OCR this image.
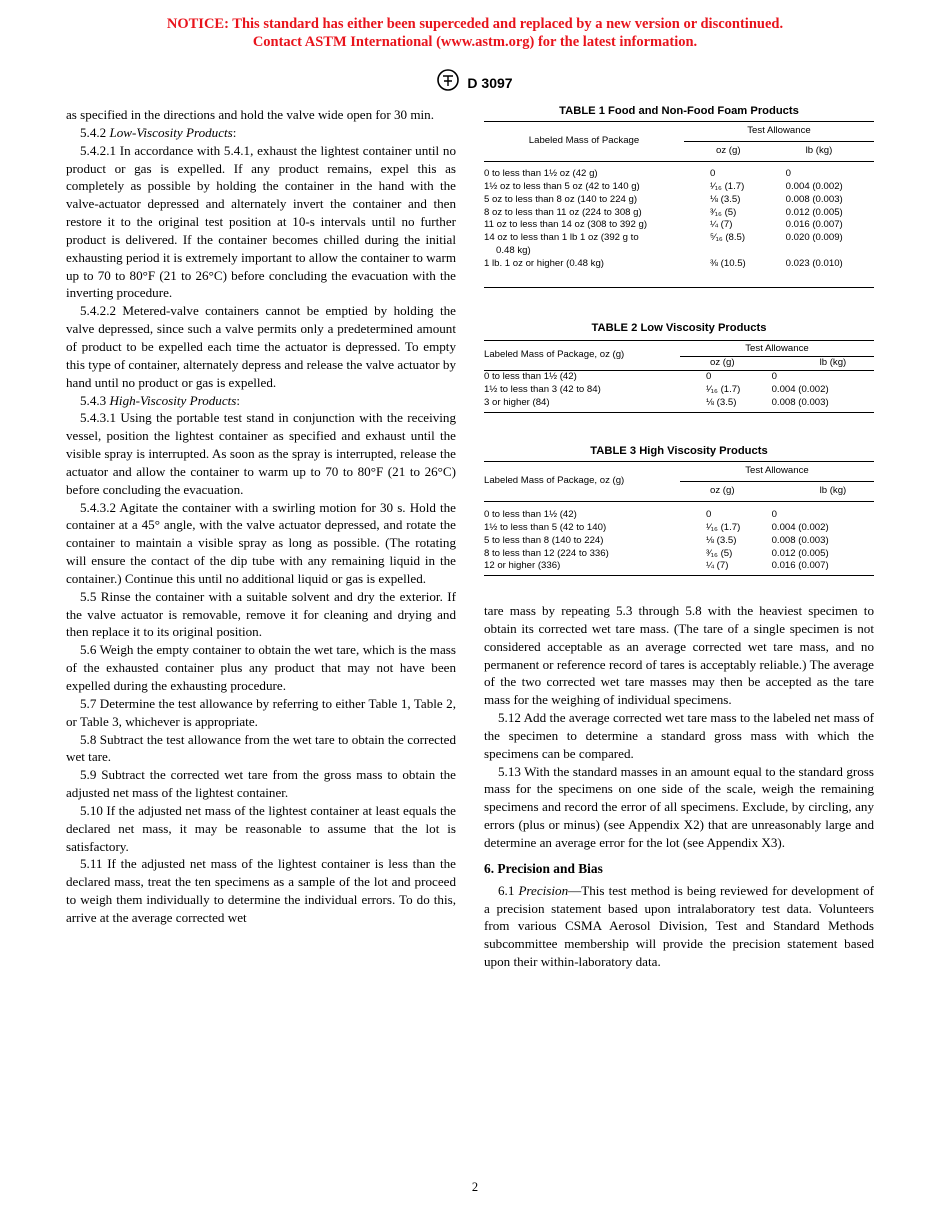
NOTICE: This standard has either been superceded and replaced by a new version or discontinued.
Contact ASTM International (www.astm.org) for the latest information.
D 3097

as specified in the directions and hold the valve wide open for 30 min.

5.4.2 Low-Viscosity Products:

5.4.2.1 In accordance with 5.4.1, exhaust the lightest container until no product or gas is expelled. If any product remains, expel this as completely as possible by holding the container in the hand with the valve-actuator depressed and alternately invert the container and then restore it to the original test position at 10-s intervals until no further product is delivered. If the container becomes chilled during the initial exhausting period it is extremely important to allow the container to warm up to 70 to 80°F (21 to 26°C) before concluding the evacuation with the inverting procedure.

5.4.2.2 Metered-valve containers cannot be emptied by holding the valve depressed, since such a valve permits only a predetermined amount of product to be expelled each time the actuator is depressed. To empty this type of container, alternately depress and release the valve actuator by hand until no product or gas is expelled.

5.4.3 High-Viscosity Products:

5.4.3.1 Using the portable test stand in conjunction with the receiving vessel, position the lightest container as specified and exhaust until the visible spray is interrupted. As soon as the spray is interrupted, release the actuator and allow the container to warm up to 70 to 80°F (21 to 26°C) before concluding the evacuation.

5.4.3.2 Agitate the container with a swirling motion for 30 s. Hold the container at a 45° angle, with the valve actuator depressed, and rotate the container to maintain a visible spray as long as possible. (The rotating will ensure the contact of the dip tube with any remaining liquid in the container.) Continue this until no additional liquid or gas is expelled.

5.5 Rinse the container with a suitable solvent and dry the exterior. If the valve actuator is removable, remove it for cleaning and drying and then replace it to its original position.

5.6 Weigh the empty container to obtain the wet tare, which is the mass of the exhausted container plus any product that may not have been expelled during the exhausting procedure.

5.7 Determine the test allowance by referring to either Table 1, Table 2, or Table 3, whichever is appropriate.

5.8 Subtract the test allowance from the wet tare to obtain the corrected wet tare.

5.9 Subtract the corrected wet tare from the gross mass to obtain the adjusted net mass of the lightest container.

5.10 If the adjusted net mass of the lightest container at least equals the declared net mass, it may be reasonable to assume that the lot is satisfactory.

5.11 If the adjusted net mass of the lightest container is less than the declared mass, treat the ten specimens as a sample of the lot and proceed to weigh them individually to determine the individual errors. To do this, arrive at the average corrected wet

TABLE 1 Food and Non-Food Foam Products
Labeled Mass of Package	Test Allowance	
	oz (g)	lb (kg)
0 to less than 1½ oz (42 g)	0	0
1½ oz to less than 5 oz (42 to 140 g)	¹⁄₁₆ (1.7)	0.004 (0.002)
5 oz to less than 8 oz (140 to 224 g)	⅛ (3.5)	0.008 (0.003)
8 oz to less than 11 oz (224 to 308 g)	³⁄₁₆ (5)	0.012 (0.005)
11 oz to less than 14 oz (308 to 392 g)	¼ (7)	0.016 (0.007)
14 oz to less than 1 lb 1 oz (392 g to	⁵⁄₁₆ (8.5)	0.020 (0.009)
0.48 kg)		
1 lb. 1 oz or higher (0.48 kg)	⅜ (10.5)	0.023 (0.010)
TABLE 2 Low Viscosity Products
Labeled Mass of Package, oz (g)	Test Allowance	
	oz (g)	lb (kg)
0 to less than 1½ (42)	0	0
1½ to less than 3 (42 to 84)	¹⁄₁₆ (1.7)	0.004 (0.002)
3 or higher (84)	⅛ (3.5)	0.008 (0.003)
TABLE 3 High Viscosity Products
Labeled Mass of Package, oz (g)	Test Allowance	
	oz (g)	lb (kg)
0 to less than 1½ (42)	0	0
1½ to less than 5 (42 to 140)	¹⁄₁₆ (1.7)	0.004 (0.002)
5 to less than 8 (140 to 224)	⅛ (3.5)	0.008 (0.003)
8 to less than 12 (224 to 336)	³⁄₁₆ (5)	0.012 (0.005)
12 or higher (336)	¼ (7)	0.016 (0.007)

tare mass by repeating 5.3 through 5.8 with the heaviest specimen to obtain its corrected wet tare mass. (The tare of a single specimen is not considered acceptable as an average corrected wet tare mass, and no permanent or reference record of tares is acceptably reliable.) The average of the two corrected wet tare masses may then be accepted as the tare mass for the weighing of individual specimens.

5.12 Add the average corrected wet tare mass to the labeled net mass of the specimen to determine a standard gross mass with which the specimens can be compared.

5.13 With the standard masses in an amount equal to the standard gross mass for the specimens on one side of the scale, weigh the remaining specimens and record the error of all specimens. Exclude, by circling, any errors (plus or minus) (see Appendix X2) that are unreasonably large and determine an average error for the lot (see Appendix X3).

6. Precision and Bias

6.1 Precision—This test method is being reviewed for development of a precision statement based upon intralaboratory test data. Volunteers from various CSMA Aerosol Division, Test and Standard Methods subcommittee membership will provide the precision statement based upon their within-laboratory data.

2
